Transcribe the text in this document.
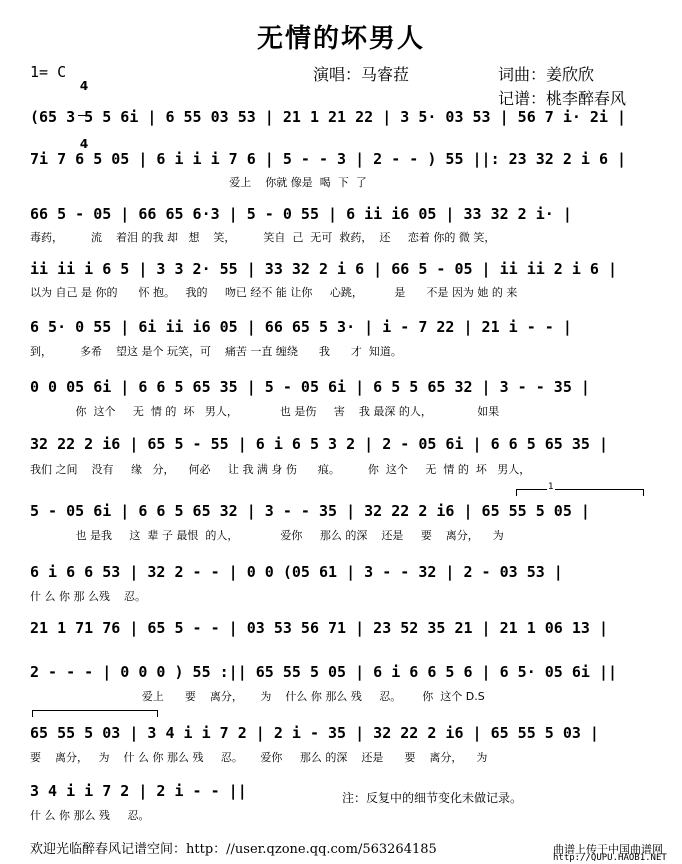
无情的坏男人
1= C

4

4

演唱：马睿菈	词曲：姜欣欣
记谱：桃李醉春风
(65 3 5 5 6i | 6 55 03 53 | 21 1 21 22 | 3 5· 03 53 | 56 7 i· 2i |
7i 7 6 5 05 | 6 i i i 7 6 | 5 - - 3 | 2 - - ) 55 ||: 23 32 2 i 6 |
爱上    你就 像是  喝  下  了
66 5 - 05 | 66 65 6·3 | 5 - 0 55 | 6 ii i6 05 | 33 32 2 i· |
毒药，        流    着泪 的我 却   想    笑，        笑自  己  无可  救药，  还     恋着 你的 微 笑，
ii ii i 6 5 | 3 3 2· 55 | 33 32 2 i 6 | 66 5 - 05 | ii ii 2 i 6 |
以为 自己 是 你的      怀 抱。   我的     吻已 经不 能 让你     心跳，         是      不是 因为 她 的 来
6 5· 0 55 | 6i ii i6 05 | 66 65 5 3· | i - 7 22 | 21 i - - |
到，        多希    望这 是个 玩笑，可    痛苦 一直 缠绕      我      才  知道。
0 0 05 6i | 6 6 5 65 35 | 5 - 05 6i | 6 5 5 65 32 | 3 - - 35 |
你  这个     无  情 的  坏   男人，            也 是伤     害    我 最深 的人，             如果
32 22 2 i6 | 65 5 - 55 | 6 i 6 5 3 2 | 2 - 05 6i | 6 6 5 65 35 |
我们 之间    没有     缘   分，    何必     让 我 满 身 伤      痕。        你  这个     无  情 的  坏   男人，
1
5 - 05 6i | 6 6 5 65 32 | 3 - - 35 | 32 22 2 i6 | 65 55 5 05 |
也 是我     这  辈 子 最恨  的人，            爱你     那么 的深    还是     要    离分，    为
6 i 6 6 53 | 32 2 - - | 0 0 (05 61 | 3 - - 32 | 2 - 03 53 |
什 么 你 那 么残    忍。
21 1 71 76 | 65 5 - - | 03 53 56 71 | 23 52 35 21 | 21 1 06 13 |
2 - - - | 0 0 0 ) 55 :|| 65 55 5 05 | 6 i 6 6 5 6 | 6 5· 05 6i ||
爱上      要    离分，     为    什么 你 那么 残     忍。      你  这个 D.S
65 55 5 03 | 3 4 i i 7 2 | 2 i - 35 | 32 22 2 i6 | 65 55 5 03 |
要    离分，   为    什 么 你 那么 残     忍。     爱你     那么 的深    还是      要    离分，    为
3 4 i i 7 2 | 2 i - - ||
什 么 你 那么 残     忍。
注：反复中的细节变化未做记录。
欢迎光临醉春风记谱空间：http：//user.qzone.qq.com/563264185	曲谱上传于中国曲谱网
http://QUPU.HAOB1.NET
